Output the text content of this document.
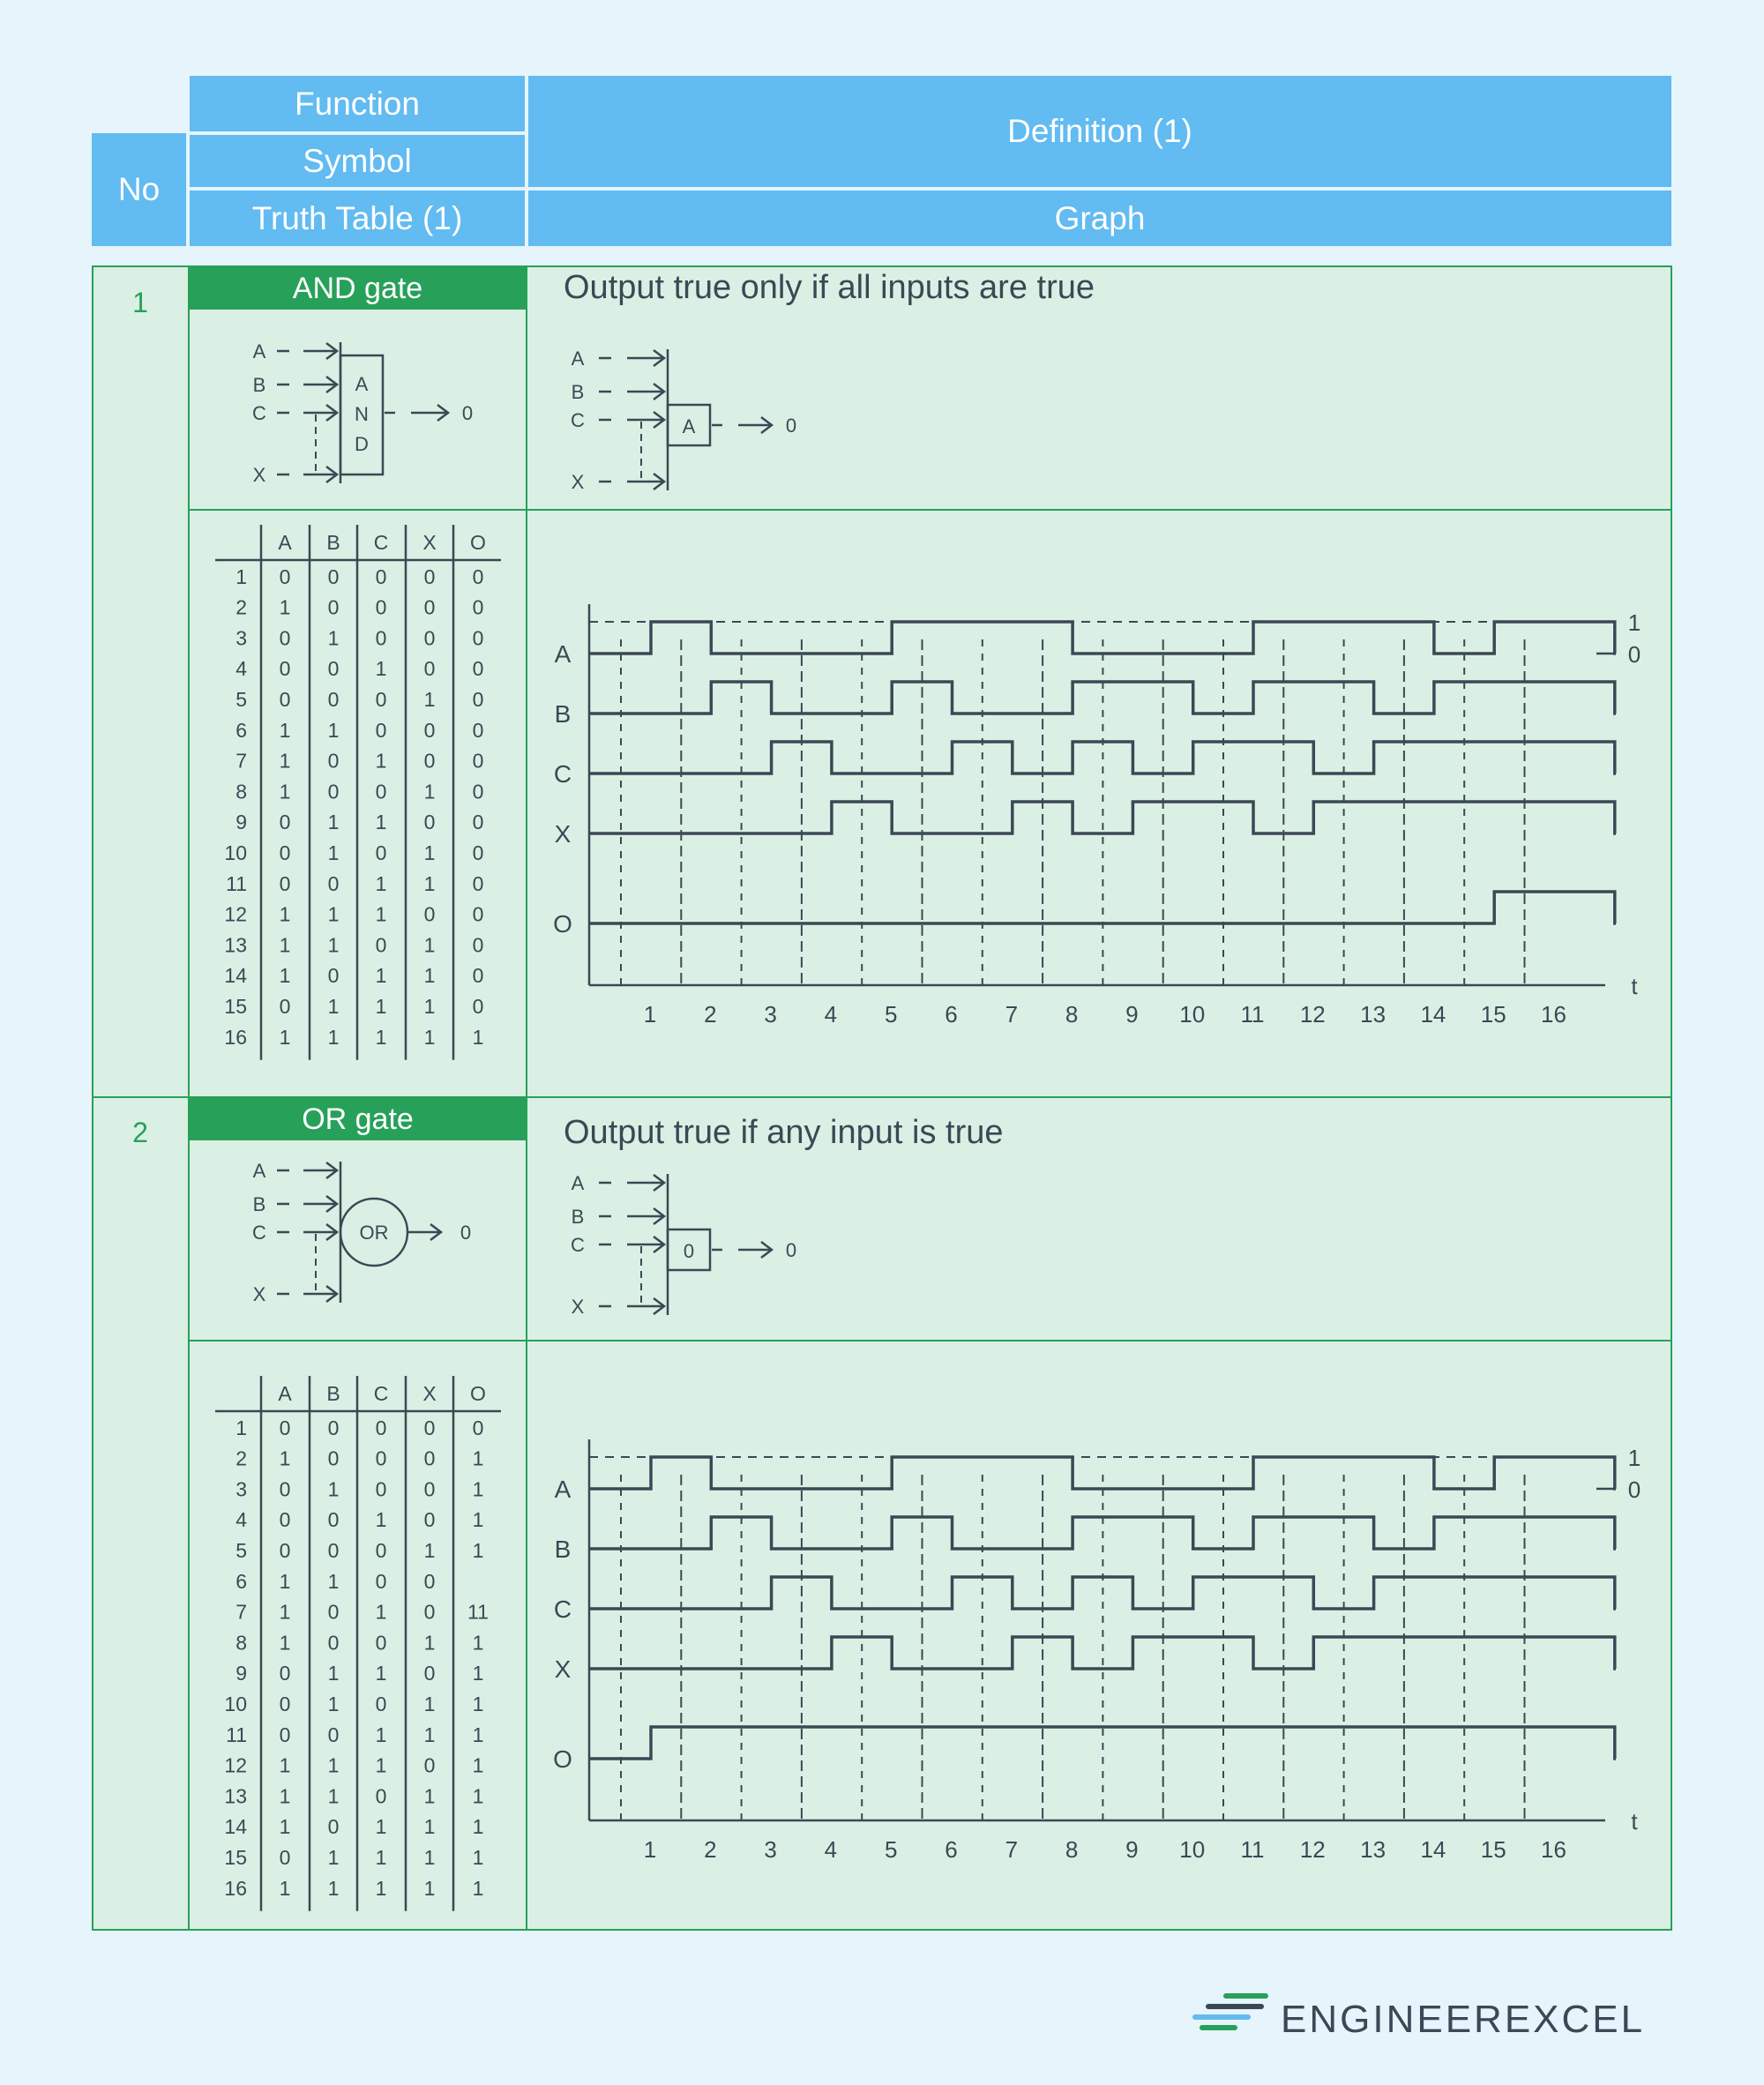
Function
Symbol
Truth Table (1)
No
Definition (1)
Graph
1	AND gate	Output true only if all inputs are true
2	OR gate	Output true if any input is true
A
B
C
X
A
N
D
0
A
B
C
X
A	0
A B C X O
1 0 0 0 0 0
2 1 0 0 0 0
3 0 1 0 0 0
4 0 0 1 0 0
5 0 0 0 1 0
6 1 1 0 0 0
7 1 0 1 0 0
8 1 0 0 1 0
9 0 1 1 0 0
10 0 1 0 1 0
11 0 0 1 1 0
12 1 1 1 0 0
13 1 1 0 1 0
14 1 0 1 1 0
15 0 1 1 1 0
16 1 1 1 1 1
t
1
0
1 2 3 4 5 6 7 8 9 10 11 12 13 14 15 16
A
B
C
X
O
A
B
C
X
OR	0
A
B
C
X
0	0
A B C X O
1 0 0 0 0 0
2 1 0 0 0 1
3 0 1 0 0 1
4 0 0 1 0 1
5 0 0 0 1 1
6 1 1 0 0
7 1 0 1 0 11
8 1 0 0 1 1
9 0 1 1 0 1
10 0 1 0 1 1
11 0 0 1 1 1
12 1 1 1 0 1
13 1 1 0 1 1
14 1 0 1 1 1
15 0 1 1 1 1
16 1 1 1 1 1
t
1
0
1 2 3 4 5 6 7 8 9 10 11 12 13 14 15 16
A
B
C
X
O
ENGINEEREXCEL
